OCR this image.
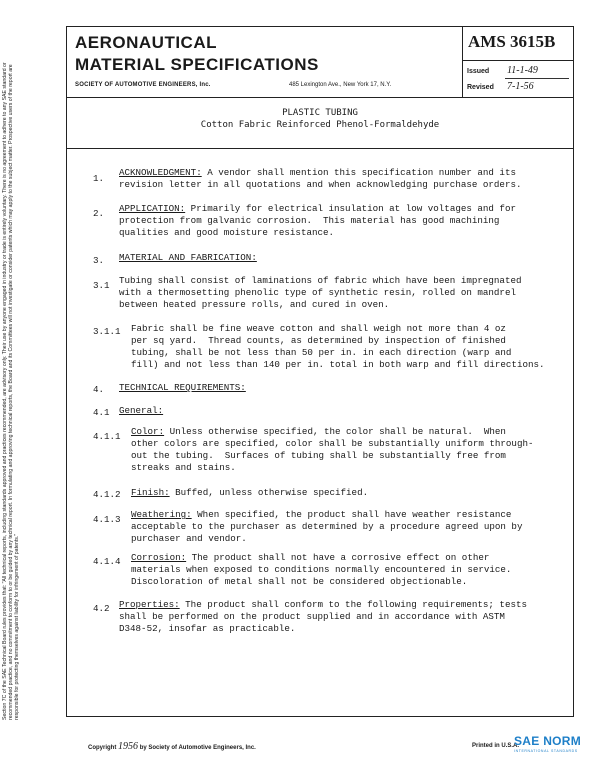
Section 7C of the SAE Technical Board rules provides that: "All technical reports, including standards approved and practices recommended, are advisory only. Their use by anyone engaged in industry or trade is entirely voluntary. There is no agreement to adhere to any SAE standard or recommended practice, and no commitment to conform to or be guided by any technical report. In formulating and approving technical reports, the Board and its Committees will not investigate or consider patents which may apply to the subject matter. Prospective users of the report are responsible for protecting themselves against liability for infringement of patents."
AERONAUTICAL
MATERIAL SPECIFICATIONS
SOCIETY OF AUTOMOTIVE ENGINEERS, Inc.	485 Lexington Ave., New York 17, N.Y.
AMS 3615B
Issued 11-1-49
Revised 7-1-56
PLASTIC TUBING
Cotton Fabric Reinforced Phenol-Formaldehyde
1.
ACKNOWLEDGMENT: A vendor shall mention this specification number and its
revision letter in all quotations and when acknowledging purchase orders.
2. APPLICATION: Primarily for electrical insulation at low voltages and for
protection from galvanic corrosion.  This material has good machining
qualities and good moisture resistance.
3. MATERIAL AND FABRICATION:
3.1 Tubing shall consist of laminations of fabric which have been impregnated
with a thermosetting phenolic type of synthetic resin, rolled on mandrel
between heated pressure rolls, and cured in oven.
3.1.1 Fabric shall be fine weave cotton and shall weigh not more than 4 oz
per sq yard.  Thread counts, as determined by inspection of finished
tubing, shall be not less than 50 per in. in each direction (warp and
fill) and not less than 140 per in. total in both warp and fill directions.
4. TECHNICAL REQUIREMENTS:
4.1 General:
4.1.1 Color: Unless otherwise specified, the color shall be natural.  When
other colors are specified, color shall be substantially uniform through-
out the tubing.  Surfaces of tubing shall be substantially free from
streaks and stains.
4.1.2 Finish: Buffed, unless otherwise specified.
4.1.3 Weathering: When specified, the product shall have weather resistance
acceptable to the purchaser as determined by a procedure agreed upon by
purchaser and vendor.
4.1.4 Corrosion: The product shall not have a corrosive effect on other
materials when exposed to conditions normally encountered in service.
Discoloration of metal shall not be considered objectionable.
4.2 Properties: The product shall conform to the following requirements; tests
shall be performed on the product supplied and in accordance with ASTM
D348-52, insofar as practicable.
Copyright 1956 by Society of Automotive Engineers, Inc.	Printed in U.S.A.
SAE NORM
INTERNATIONAL STANDARDS
